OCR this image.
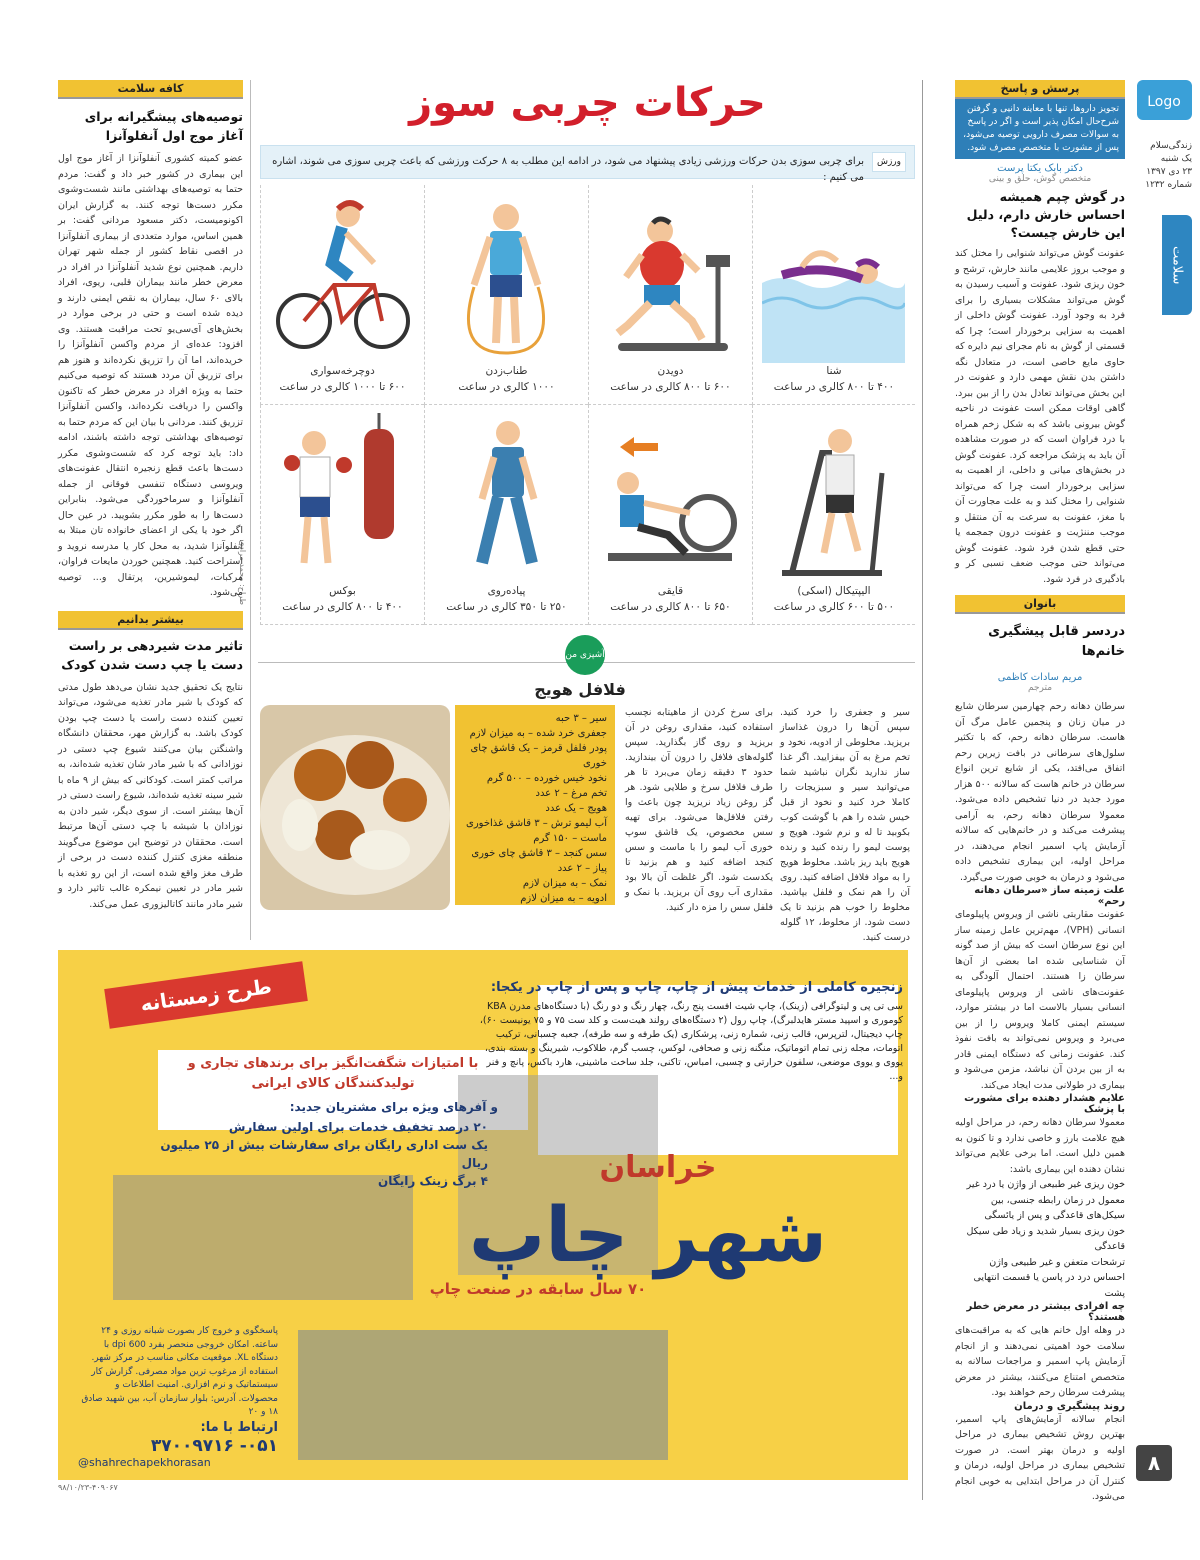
Logo
زندگی‌سلام
یک شنبه
۲۳ دی ۱۳۹۷
شماره ۱۲۳۲
سلامت
پرسش و پاسخ
تجویز داروها، تنها با معاینه دانیی و گرفتن شرح‌حال امکان پذیر است و اگر در پاسخ به سوالات مصرف دارویی توصیه می‌شود، پس از مشورت با متخصص مصرف شود.
دکتر بابک یکتا پرست
متخصص گوش، حلق و بینی
در گوش چپم همیشه احساس خارش دارم، دلیل این خارش چیست؟
عفونت گوش می‌تواند شنوایی را مختل کند و موجب بروز علایمی مانند خارش، ترشح و خون ریزی شود. عفونت و آسیب رسیدن به گوش می‌تواند مشکلات بسیاری را برای فرد به وجود آورد. عفونت گوش داخلی از اهمیت به سزایی برخوردار است؛ چرا که قسمتی از گوش به نام مجرای نیم دایره که حاوی مایع خاصی است، در متعادل نگه داشتن بدن نقش مهمی دارد و عفونت در این بخش می‌تواند تعادل بدن را از بین ببرد. گاهی اوقات ممکن است عفونت در ناحیه گوش بیرونی باشد که به شکل زخم همراه با درد فراوان است که در صورت مشاهده آن باید به پزشک مراجعه کرد. عفونت گوش در بخش‌های میانی و داخلی، از اهمیت به سزایی برخوردار است چرا که می‌تواند شنوایی را مختل کند و به علت مجاورت آن با مغز، عفونت به سرعت به آن منتقل و موجب مننژیت و عفونت درون جمجمه یا حتی قطع شدن فرد شود. عفونت گوش می‌تواند حتی موجب ضعف نسبی کر و بادگیری در فرد شود.
بانوان
دردسر قابل پیشگیری خانم‌ها
مریم سادات کاظمی
مترجم
سرطان دهانه رحم چهارمین سرطان شایع در میان زنان و پنجمین عامل مرگ آن هاست. سرطان دهانه رحم، که با تکثیر سلول‌های سرطانی در بافت زیرین رحم اتفاق می‌افتد، یکی از شایع ترین انواع سرطان در خانم هاست که سالانه ۵۰۰ هزار مورد جدید در دنیا تشخیص داده می‌شود. معمولا سرطان دهانه رحم، به آرامی پیشرفت می‌کند و در خانم‌هایی که سالانه آزمایش پاپ اسمیر انجام می‌دهند، در مراحل اولیه، این بیماری تشخیص داده می‌شود و درمان به خوبی صورت می‌گیرد.
علت زمینه ساز «سرطان دهانه رحم»
عفونت مقاربتی ناشی از ویروس پاپیلومای انسانی (VPH)، مهم‌ترین عامل زمینه ساز این نوع سرطان است که بیش از صد گونه آن شناسایی شده اما بعضی از آن‌ها سرطان زا هستند. احتمال آلودگی به عفونت‌های ناشی از ویروس پاپیلومای انسانی بسیار بالاست اما در بیشتر موارد، سیستم ایمنی کاملا ویروس را از بین می‌برد و ویروس نمی‌تواند به بافت نفوذ کند. عفونت زمانی که دستگاه ایمنی قادر به از بین بردن آن نباشد، مزمن می‌شود و بیماری در طولانی مدت ایجاد می‌کند.
علایم هشدار دهنده برای مشورت با پزشک
معمولا سرطان دهانه رحم، در مراحل اولیه هیچ علامت بارز و خاصی ندارد و تا کنون به همین دلیل است. اما برخی علایم می‌تواند نشان دهنده این بیماری باشد:
خون ریزی غیر طبیعی از واژن یا درد غیر معمول در زمان رابطه جنسی، بین سیکل‌های قاعدگی و پس از یائسگی
خون ریزی بسیار شدید و زیاد طی سیکل قاعدگی
ترشحات متعفن و غیر طبیعی واژن
احساس درد در پاسن یا قسمت انتهایی پشت
چه افرادی بیشتر در معرض خطر هستند؟
در وهله اول خانم هایی که به مراقبت‌های سلامت خود اهمیتی نمی‌دهند و از انجام آزمایش پاپ اسمیر و مراجعات سالانه به متخصص امتناع می‌کنند، بیشتر در معرض پیشرفت سرطان رحم خواهند بود.
روند پیشگیری و درمان
انجام سالانه آزمایش‌های پاپ اسمیر، بهترین روش تشخیص بیماری در مراحل اولیه و درمان بهتر است. در صورت تشخیص بیماری در مراحل اولیه، درمان و کنترل آن در مراحل ابتدایی به خوبی انجام می‌شود.
حرکات چربی سوز
ورزش
برای چربی سوزی بدن حرکات ورزشی زیادی پیشنهاد می شود، در ادامه این مطلب به ۸ حرکت ورزشی که باعث چربی سوزی می شوند، اشاره می کنیم :
شنا
۴۰۰ تا ۸۰۰ کالری در ساعت
دویدن
۶۰۰ تا ۸۰۰ کالری در ساعت
طناب‌زدن
۱۰۰۰ کالری در ساعت
دوچرخه‌سواری
۶۰۰ تا ۱۰۰۰ کالری در ساعت
الیپتیکال (اسکی)
۵۰۰ تا ۶۰۰ کالری در ساعت
قایقی
۶۵۰ تا ۸۰۰ کالری در ساعت
پیاده‌روی
۲۵۰ تا ۳۵۰ کالری در ساعت
بوکس
۴۰۰ تا ۸۰۰ کالری در ساعت
طراح: محمد مرادی
کافه سلامت
توصیه‌های پیشگیرانه برای آغاز موج اول آنفلوآنزا
عضو کمیته کشوری آنفلوآنزا از آغاز موج اول این بیماری در کشور خبر داد و گفت: مردم حتما به توصیه‌های بهداشتی مانند شست‌وشوی مکرر دست‌ها توجه کنند. به گزارش ایران اکونومیست، دکتر مسعود مردانی گفت: بر همین اساس، موارد متعددی از بیماری آنفلوآنزا در اقصی نقاط کشور از جمله شهر تهران داریم. همچنین نوع شدید آنفلوآنزا در افراد در معرض خطر مانند بیماران قلبی، ریوی، افراد بالای ۶۰ سال، بیماران به نقص ایمنی دارند و دیده شده است و حتی در برخی موارد در بخش‌های آی‌سی‌یو تحت مراقبت هستند. وی افزود: عده‌ای از مردم واکسن آنفلوآنزا را خریده‌اند، اما آن را تزریق نکرده‌اند و هنوز هم برای تزریق آن مردد هستند که توصیه می‌کنیم حتما به ویژه افراد در معرض خطر که تاکنون واکسن را دریافت نکرده‌اند، واکسن آنفلوآنزا تزریق کنند. مردانی با بیان این که مردم حتما به توصیه‌های بهداشتی توجه داشته باشند، ادامه داد: باید توجه کرد که شست‌وشوی مکرر دست‌ها باعث قطع زنجیره انتقال عفونت‌های ویروسی دستگاه تنفسی فوقانی از جمله آنفلوآنزا و سرماخوردگی می‌شود. بنابراین دست‌ها را به طور مکرر بشویید. در عین حال اگر خود یا یکی از اعضای خانواده تان مبتلا به آنفلوآنزا شدید، به محل کار یا مدرسه نروید و استراحت کنید. همچنین خوردن مایعات فراوان، مرکبات، لیموشیرین، پرتقال و... توصیه می‌شود.
بیشتر بدانیم
تاثیر مدت شیردهی بر راست دست یا چپ دست شدن کودک
نتایج یک تحقیق جدید نشان می‌دهد طول مدتی که کودک با شیر مادر تغذیه می‌شود، می‌تواند تعیین کننده دست راست یا دست چپ بودن کودک باشد. به گزارش مهر، محققان دانشگاه واشنگتن بیان می‌کنند شیوع چپ دستی در نوزادانی که با شیر مادر شان تغذیه شده‌اند، به مراتب کمتر است. کودکانی که بیش از ۹ ماه با شیر سینه تغذیه شده‌اند، شیوع راست دستی در آن‌ها بیشتر است. از سوی دیگر، شیر دادن به نوزادان با شیشه با چپ دستی آن‌ها مرتبط است. محققان در توضیح این موضوع می‌گویند منطقه مغزی کنترل کننده دست در برخی از طرف مغز واقع شده است، از این رو تغذیه با شیر مادر در تعیین نیمکره غالب تاثیر دارد و شیر مادر مانند کاتالیزوری عمل می‌کند.
آشپزی من
فلافل هویج
سیر و جعفری را خرد کنید. سپس آن‌ها را درون غذاساز بریزید. مخلوطی از ادویه، نخود و تخم مرغ به آن بیفزایید. اگر غذا ساز ندارید نگران نباشید شما می‌توانید سیر و سبزیجات را کاملا خرد کنید و نخود از قبل خیس شده را هم با گوشت کوب بکوبید تا له و نرم شود. هویج و پوست لیمو را رنده کنید و رنده هویج باید ریز باشد. مخلوط هویج را به مواد فلافل اضافه کنید. روی آن را هم نمک و فلفل بپاشید. مخلوط را خوب هم بزنید تا یک دست شود. از مخلوط، ۱۲ گلوله درست کنید.
برای سرخ کردن از ماهیتابه نچسب استفاده کنید، مقداری روغن در آن بریزید و روی گاز بگذارید. سپس گلوله‌های فلافل را درون آن بیندازید. حدود ۳ دقیقه زمان می‌برد تا هر طرف فلافل سرخ و طلایی شود. هر گز روغن زیاد نریزید چون باعث وا رفتن فلافل‌ها می‌شود. برای تهیه سس مخصوص، یک قاشق سوپ خوری آب لیمو را با ماست و سس کنجد اضافه کنید و هم بزنید تا یکدست شود. اگر غلظت آن بالا بود مقداری آب روی آن بریزید. با نمک و فلفل سس را مزه دار کنید.
سیر – ۳ حبه
جعفری خرد شده – به میزان لازم
پودر فلفل قرمز – یک قاشق چای خوری
نخود خیس خورده – ۵۰۰ گرم
تخم مرغ – ۲ عدد
هویج – یک عدد
آب لیمو ترش – ۳ قاشق غذاخوری
ماست – ۱۵۰ گرم
سس کنجد – ۳ قاشق چای خوری
پیاز – ۲ عدد
نمک – به میزان لازم
ادویه – به میزان لازم
طرح زمستانه
با امتیازات شگفت‌انگیز برای برندهای تجاری و تولیدکنندگان کالای ایرانی
و آفرهای ویژه برای مشتریان جدید:
۲۰ درصد تخفیف خدمات برای اولین سفارش
یک ست اداری رایگان برای سفارشات بیش از ۲۵ میلیون ریال
۴ برگ زینک رایگان
زنجیره کاملی از خدمات پیش از چاپ، چاپ و پس از چاپ در یکجا:
سی تی پی و لیتوگرافی (زینک)، چاپ شیت افست پنج رنگ، چهار رنگ و دو رنگ (با دستگاه‌های مدرن KBA کوموری و اسپید مستر هایدلبرگ)، چاپ رول (۲ دستگاه‌های رولند هیت‌ست و کلد ست ۷۵ و ۷۵ یونیست ۶۰)، چاپ دیجیتال، لترپرس، قالب زنی، شماره زنی، پرشکاری (یک طرفه و سه طرفه)، جعبه چسبانی، ترکیب اتومات، مجله زنی تمام اتوماتیک، منگنه زنی و صحافی، لوکس، چسب گرم، طلاکوب، شیرینگ و بسته بندی، یووی و یووی موضعی، سلفون حرارتی و چسبی، امباس، تاکنی، جلد ساخت ماشینی، هارد باکس، پانچ و فنر و...
خراسان
شهر چاپ
۷۰ سال سابقه در صنعت چاپ
پاسخگوی و خروج کار بصورت شبانه روزی و ۲۴ ساعته. امکان خروجی منحصر بفرد dpi 600 با دستگاه XL. موقعیت مکانی مناسب در مرکز شهر. استفاده از مرغوب ترین مواد مصرفی. گزارش کار سیستماتیک و نرم افزاری. امنیت اطلاعات و محصولات. آدرس: بلوار سازمان آب، بین شهید صادق ۱۸ و ۲۰
ارتباط با ما:
۰۵۱- ۳۷۰۰۹۷۱۶
@shahrechapekhorasan
۹۸/۱۰/۲۳-۴۰۹۰۶۷
۸
